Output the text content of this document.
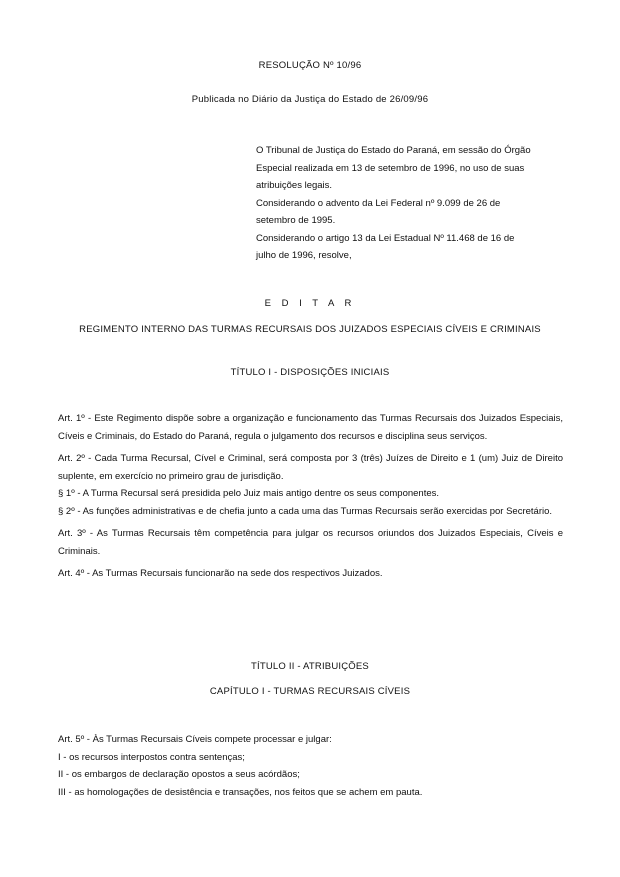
RESOLUÇÃO Nº 10/96
Publicada no Diário da Justiça do Estado de 26/09/96

O Tribunal de Justiça do Estado do Paraná, em sessão do Órgão

Especial realizada em 13 de setembro de 1996, no uso de suas

atribuições legais.

Considerando o advento da Lei Federal nº 9.099 de 26 de

setembro de 1995.

Considerando o artigo 13 da Lei Estadual Nº 11.468 de 16 de

julho de 1996, resolve,

E D I T A R
REGIMENTO INTERNO DAS TURMAS RECURSAIS DOS JUIZADOS ESPECIAIS CÍVEIS E CRIMINAIS
TÍTULO I - DISPOSIÇÕES INICIAIS

Art. 1º - Este Regimento dispõe sobre a organização e funcionamento das Turmas Recursais dos Juizados Especiais, Cíveis e Criminais, do Estado do Paraná, regula o julgamento dos recursos e disciplina seus serviços.

Art. 2º - Cada Turma Recursal, Cível e Criminal, será composta por 3 (três) Juízes de Direito e 1 (um) Juiz de Direito suplente, em exercício no primeiro grau de jurisdição.

§ 1º - A Turma Recursal será presidida pelo Juiz mais antigo dentre os seus componentes.

§ 2º - As funções administrativas e de chefia junto a cada uma das Turmas Recursais serão exercidas por Secretário.

Art. 3º - As Turmas Recursais têm competência para julgar os recursos oriundos dos Juizados Especiais, Cíveis e Criminais.

Art. 4º - As Turmas Recursais funcionarão na sede dos respectivos Juizados.

TÍTULO II - ATRIBUIÇÕES
CAPÍTULO I - TURMAS RECURSAIS CÍVEIS

Art. 5º - Às Turmas Recursais Cíveis compete processar e julgar:

I - os recursos interpostos contra sentenças;

II - os embargos de declaração opostos a seus acórdãos;

III - as homologações de desistência e transações, nos feitos que se achem em pauta.
